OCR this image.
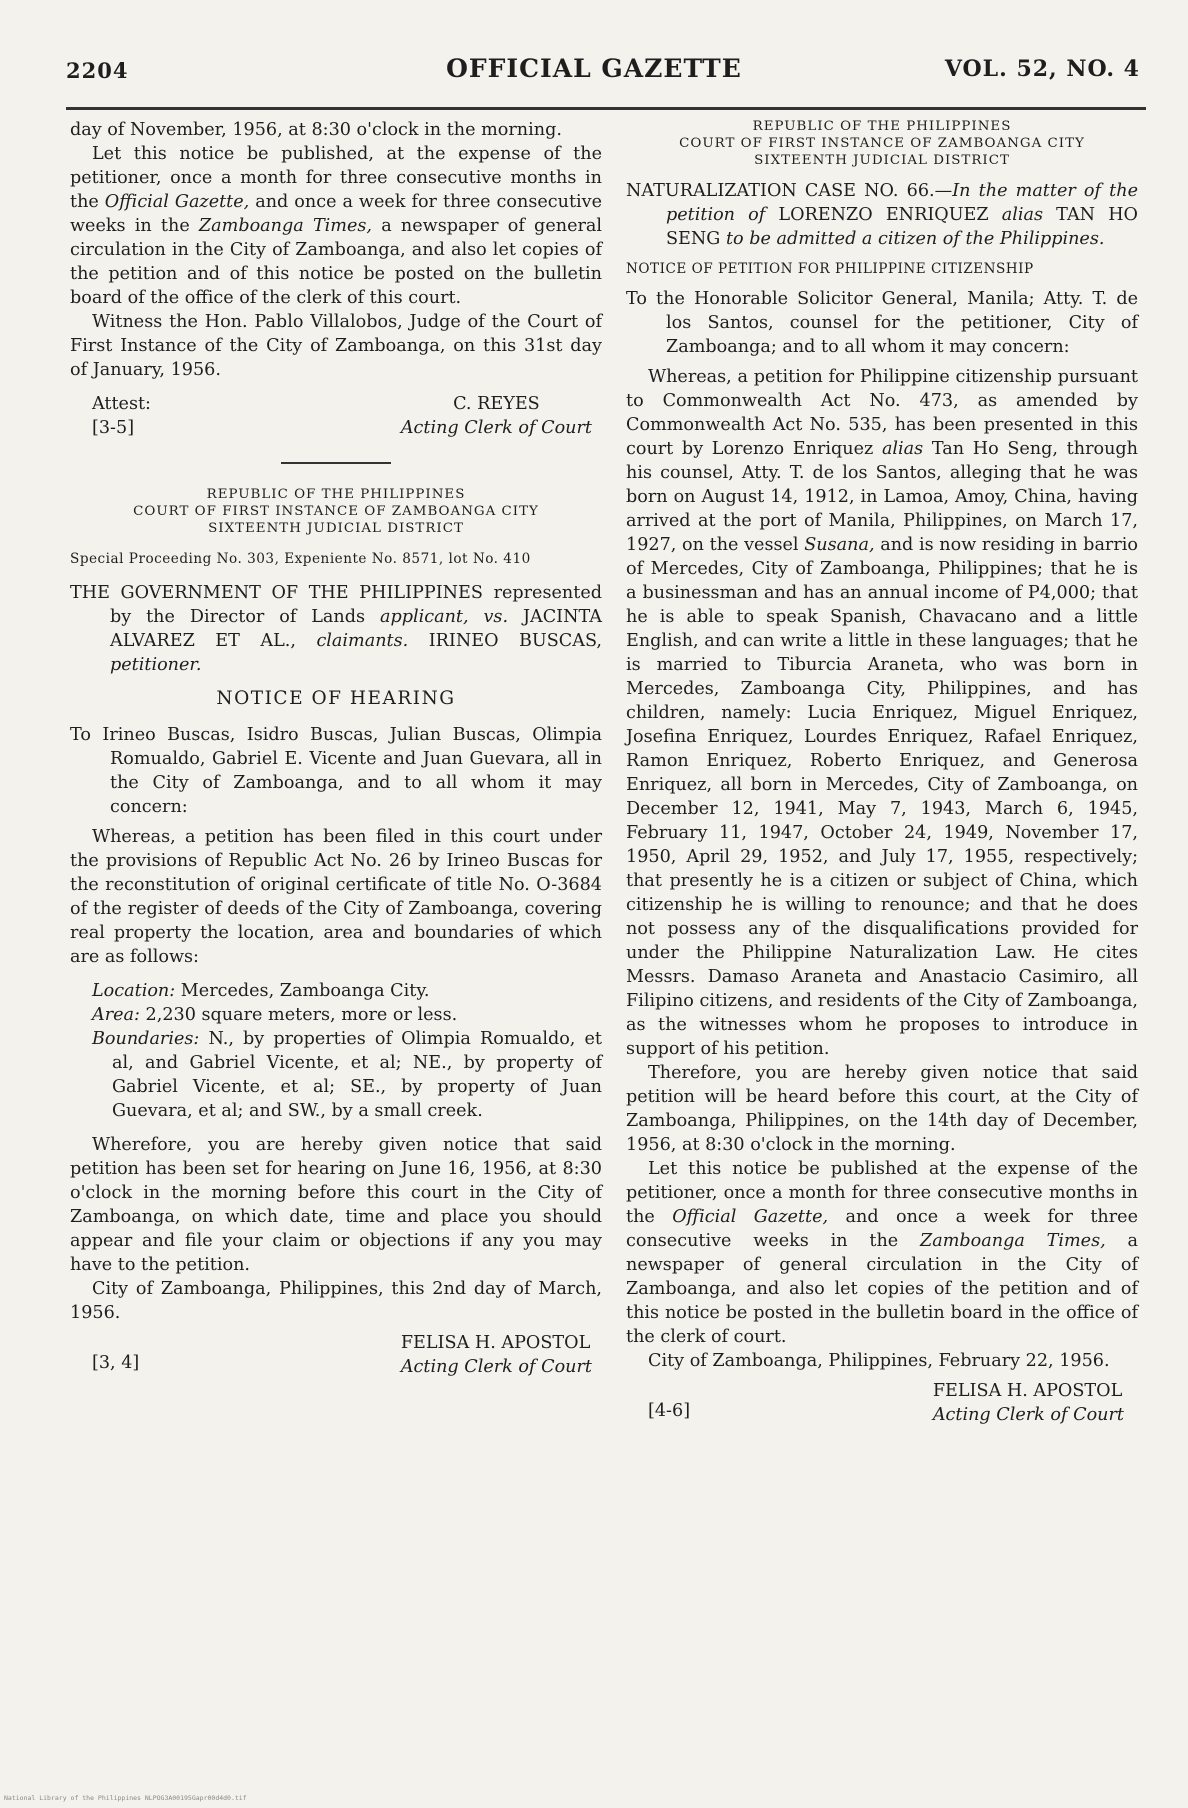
2204	OFFICIAL GAZETTE	VOL. 52, NO. 4

day of November, 1956, at 8:30 o'clock in the morning.

Let this notice be published, at the expense of the petitioner, once a month for three consecutive months in the Official Gazette, and once a week for three consecutive weeks in the Zamboanga Times, a newspaper of general circulation in the City of Zamboanga, and also let copies of the petition and of this notice be posted on the bulletin board of the office of the clerk of this court.

Witness the Hon. Pablo Villalobos, Judge of the Court of First Instance of the City of Zamboanga, on this 31st day of January, 1956.

Attest:
[3-5]
C. REYES
Acting Clerk of Court

REPUBLIC OF THE PHILIPPINES

COURT OF FIRST INSTANCE OF ZAMBOANGA CITY

SIXTEENTH JUDICIAL DISTRICT

Special Proceeding No. 303, Expeniente No. 8571, lot No. 410

THE GOVERNMENT OF THE PHILIPPINES represented by the Director of Lands applicant, vs. JACINTA ALVAREZ ET AL., claimants. IRINEO BUSCAS, petitioner.

NOTICE OF HEARING

To Irineo Buscas, Isidro Buscas, Julian Buscas, Olimpia Romualdo, Gabriel E. Vicente and Juan Guevara, all in the City of Zamboanga, and to all whom it may concern:

Whereas, a petition has been filed in this court under the provisions of Republic Act No. 26 by Irineo Buscas for the reconstitution of original certificate of title No. O-3684 of the register of deeds of the City of Zamboanga, covering real property the location, area and boundaries of which are as follows:

Location: Mercedes, Zamboanga City.

Area: 2,230 square meters, more or less.

Boundaries: N., by properties of Olimpia Romualdo, et al, and Gabriel Vicente, et al; NE., by property of Gabriel Vicente, et al; SE., by property of Juan Guevara, et al; and SW., by a small creek.

Wherefore, you are hereby given notice that said petition has been set for hearing on June 16, 1956, at 8:30 o'clock in the morning before this court in the City of Zamboanga, on which date, time and place you should appear and file your claim or objections if any you may have to the petition.

City of Zamboanga, Philippines, this 2nd day of March, 1956.

[3, 4]
FELISA H. APOSTOL
Acting Clerk of Court

REPUBLIC OF THE PHILIPPINES

COURT OF FIRST INSTANCE OF ZAMBOANGA CITY

SIXTEENTH JUDICIAL DISTRICT

NATURALIZATION CASE NO. 66.—In the matter of the petition of LORENZO ENRIQUEZ alias TAN HO SENG to be admitted a citizen of the Philippines.

NOTICE OF PETITION FOR PHILIPPINE CITIZENSHIP

To the Honorable Solicitor General, Manila; Atty. T. de los Santos, counsel for the petitioner, City of Zamboanga; and to all whom it may concern:

Whereas, a petition for Philippine citizenship pursuant to Commonwealth Act No. 473, as amended by Commonwealth Act No. 535, has been presented in this court by Lorenzo Enriquez alias Tan Ho Seng, through his counsel, Atty. T. de los Santos, alleging that he was born on August 14, 1912, in Lamoa, Amoy, China, having arrived at the port of Manila, Philippines, on March 17, 1927, on the vessel Susana, and is now residing in barrio of Mercedes, City of Zamboanga, Philippines; that he is a businessman and has an annual income of P4,000; that he is able to speak Spanish, Chavacano and a little English, and can write a little in these languages; that he is married to Tiburcia Araneta, who was born in Mercedes, Zamboanga City, Philippines, and has children, namely: Lucia Enriquez, Miguel Enriquez, Josefina Enriquez, Lourdes Enriquez, Rafael Enriquez, Ramon Enriquez, Roberto Enriquez, and Generosa Enriquez, all born in Mercedes, City of Zamboanga, on December 12, 1941, May 7, 1943, March 6, 1945, February 11, 1947, October 24, 1949, November 17, 1950, April 29, 1952, and July 17, 1955, respectively; that presently he is a citizen or subject of China, which citizenship he is willing to renounce; and that he does not possess any of the disqualifications provided for under the Philippine Naturalization Law. He cites Messrs. Damaso Araneta and Anastacio Casimiro, all Filipino citizens, and residents of the City of Zamboanga, as the witnesses whom he proposes to introduce in support of his petition.

Therefore, you are hereby given notice that said petition will be heard before this court, at the City of Zamboanga, Philippines, on the 14th day of December, 1956, at 8:30 o'clock in the morning.

Let this notice be published at the expense of the petitioner, once a month for three consecutive months in the Official Gazette, and once a week for three consecutive weeks in the Zamboanga Times, a newspaper of general circulation in the City of Zamboanga, and also let copies of the petition and of this notice be posted in the bulletin board in the office of the clerk of court.

City of Zamboanga, Philippines, February 22, 1956.

[4-6]
FELISA H. APOSTOL
Acting Clerk of Court
National Library of the Philippines NLPOG3A00195Gapr00d4d0.tif
